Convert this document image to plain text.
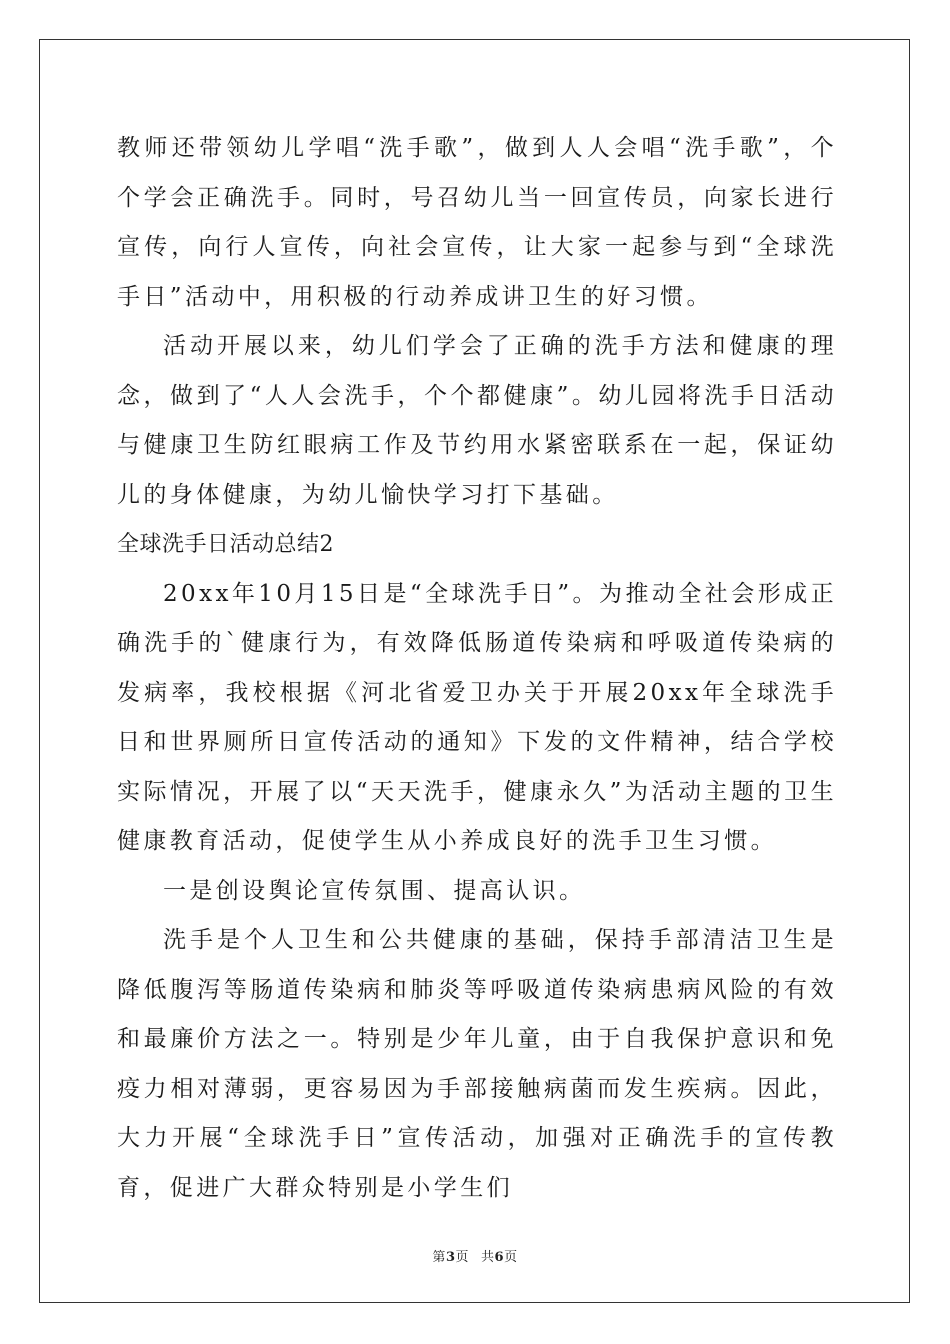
教师还带领幼儿学唱“洗手歌”，做到人人会唱“洗手歌”，个个学会正确洗手。同时，号召幼儿当一回宣传员，向家长进行宣传，向行人宣传，向社会宣传，让大家一起参与到“全球洗手日”活动中，用积极的行动养成讲卫生的好习惯。

活动开展以来，幼儿们学会了正确的洗手方法和健康的理念，做到了“人人会洗手，个个都健康”。幼儿园将洗手日活动与健康卫生防红眼病工作及节约用水紧密联系在一起，保证幼儿的身体健康，为幼儿愉快学习打下基础。

全球洗手日活动总结2

20xx年10月15日是“全球洗手日”。为推动全社会形成正确洗手的`健康行为，有效降低肠道传染病和呼吸道传染病的发病率，我校根据《河北省爱卫办关于开展20xx年全球洗手日和世界厕所日宣传活动的通知》下发的文件精神，结合学校实际情况，开展了以“天天洗手，健康永久”为活动主题的卫生健康教育活动，促使学生从小养成良好的洗手卫生习惯。

一是创设舆论宣传氛围、提高认识。

洗手是个人卫生和公共健康的基础，保持手部清洁卫生是降低腹泻等肠道传染病和肺炎等呼吸道传染病患病风险的有效和最廉价方法之一。特别是少年儿童，由于自我保护意识和免疫力相对薄弱，更容易因为手部接触病菌而发生疾病。因此，大力开展“全球洗手日”宣传活动，加强对正确洗手的宣传教育，促进广大群众特别是小学生们

第3页 共6页
